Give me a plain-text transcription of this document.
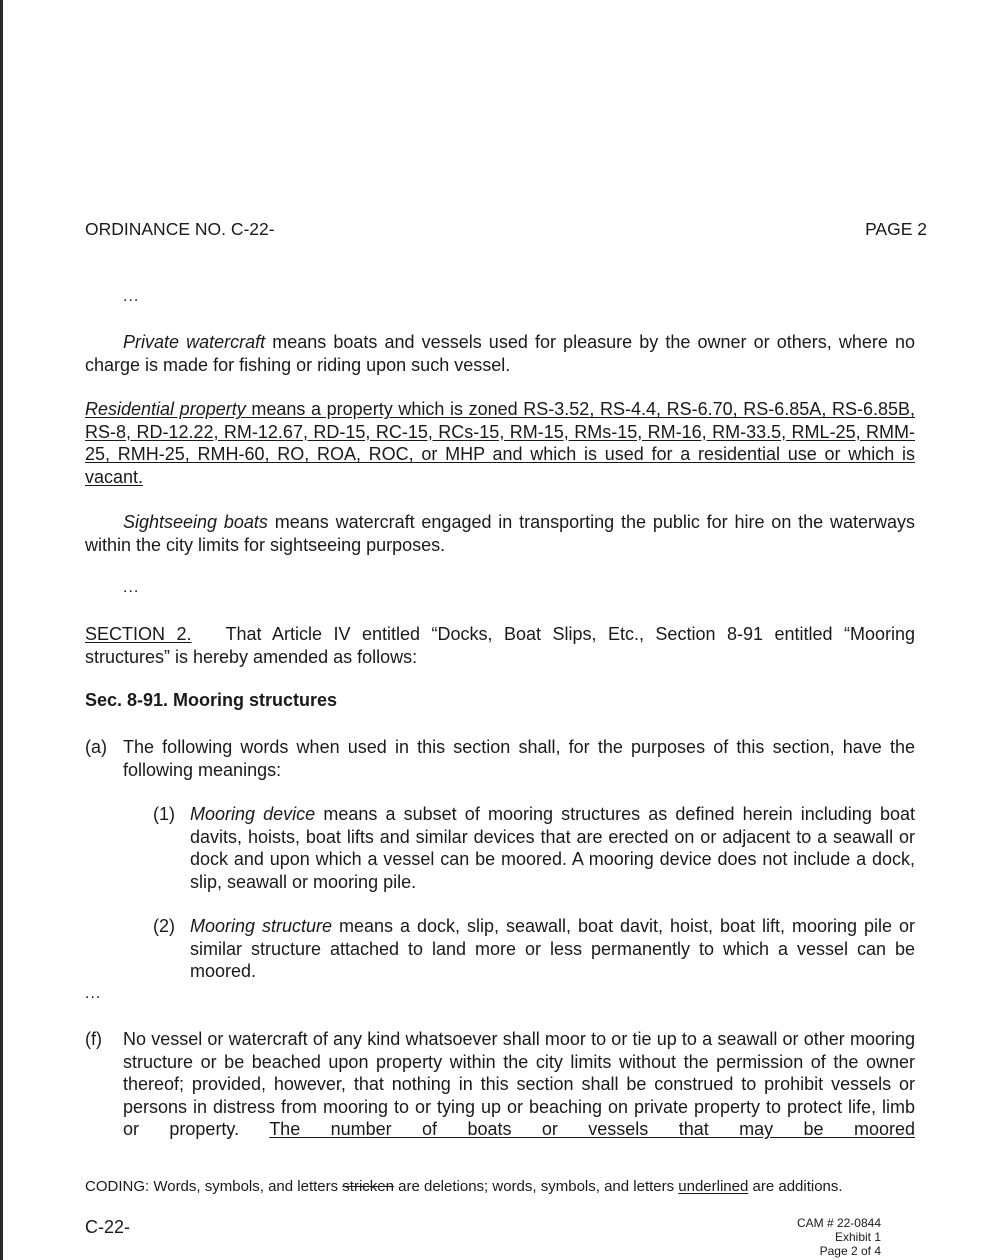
ORDINANCE NO. C-22-	PAGE 2
...
Private watercraft means boats and vessels used for pleasure by the owner or others, where no charge is made for fishing or riding upon such vessel.
Residential property means a property which is zoned RS-3.52, RS-4.4, RS-6.70, RS-6.85A, RS-6.85B, RS-8, RD-12.22, RM-12.67, RD-15, RC-15, RCs-15, RM-15, RMs-15, RM-16, RM-33.5, RML-25, RMM-25, RMH-25, RMH-60, RO, ROA, ROC, or MHP and which is used for a residential use or which is vacant.
Sightseeing boats means watercraft engaged in transporting the public for hire on the waterways within the city limits for sightseeing purposes.
...
SECTION 2. That Article IV entitled “Docks, Boat Slips, Etc., Section 8-91 entitled “Mooring structures” is hereby amended as follows:
Sec. 8-91. Mooring structures
(a) The following words when used in this section shall, for the purposes of this section, have the following meanings:
(1) Mooring device means a subset of mooring structures as defined herein including boat davits, hoists, boat lifts and similar devices that are erected on or adjacent to a seawall or dock and upon which a vessel can be moored. A mooring device does not include a dock, slip, seawall or mooring pile.
(2) Mooring structure means a dock, slip, seawall, boat davit, hoist, boat lift, mooring pile or similar structure attached to land more or less permanently to which a vessel can be moored.
...
(f) No vessel or watercraft of any kind whatsoever shall moor to or tie up to a seawall or other mooring structure or be beached upon property within the city limits without the permission of the owner thereof; provided, however, that nothing in this section shall be construed to prohibit vessels or persons in distress from mooring to or tying up or beaching on private property to protect life, limb or property. The number of boats or vessels that may be moored
CODING: Words, symbols, and letters stricken are deletions; words, symbols, and letters underlined are additions.
C-22-	CAM # 22-0844
Exhibit 1
Page 2 of 4
